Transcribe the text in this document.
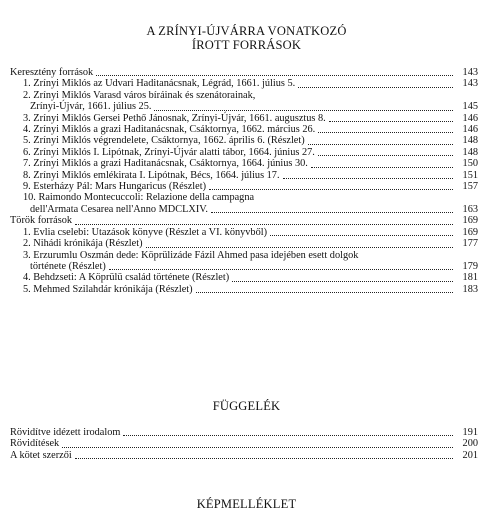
A ZRÍNYI-ÚJVÁRRA VONATKOZÓ
ÍROTT FORRÁSOK
Keresztény források	143
1. Zrínyi Miklós az Udvari Haditanácsnak, Légrád, 1661. július 5.	143
2. Zrínyi Miklós Varasd város bíráinak és szenátorainak,
Zrínyi-Újvár, 1661. július 25.	145
3. Zrínyi Miklós Gersei Pethő Jánosnak, Zrínyi-Újvár, 1661. augusztus 8.	146
4. Zrínyi Miklós a grazi Haditanácsnak, Csáktornya, 1662. március 26.	146
5. Zrínyi Miklós végrendelete, Csáktornya, 1662. április 6. (Részlet)	148
6. Zrínyi Miklós I. Lipótnak, Zrínyi-Újvár alatti tábor, 1664. június 27.	148
7. Zrínyi Miklós a grazi Haditanácsnak, Csáktornya, 1664. június 30.	150
8. Zrínyi Miklós emlékirata I. Lipótnak, Bécs, 1664. július 17.	151
9. Esterházy Pál: Mars Hungaricus (Részlet)	157
10. Raimondo Montecuccoli: Relazione della campagna
dell'Armata Cesarea nell'Anno MDCLXIV.	163
Török források	169
1. Evlia cselebi: Utazások könyve (Részlet a VI. könyvből)	169
2. Nihádi krónikája (Részlet)	177
3. Erzurumlu Oszmán dede: Köprülizáde Fázil Ahmed pasa idejében esett dolgok
története (Részlet)	179
4. Behdzseti: A Köprülü család története (Részlet)	181
5. Mehmed Szilahdár krónikája (Részlet)	183
FÜGGELÉK
Rövidítve idézett irodalom	191
Rövidítések	200
A kötet szerzői	201
KÉPMELLÉKLET
